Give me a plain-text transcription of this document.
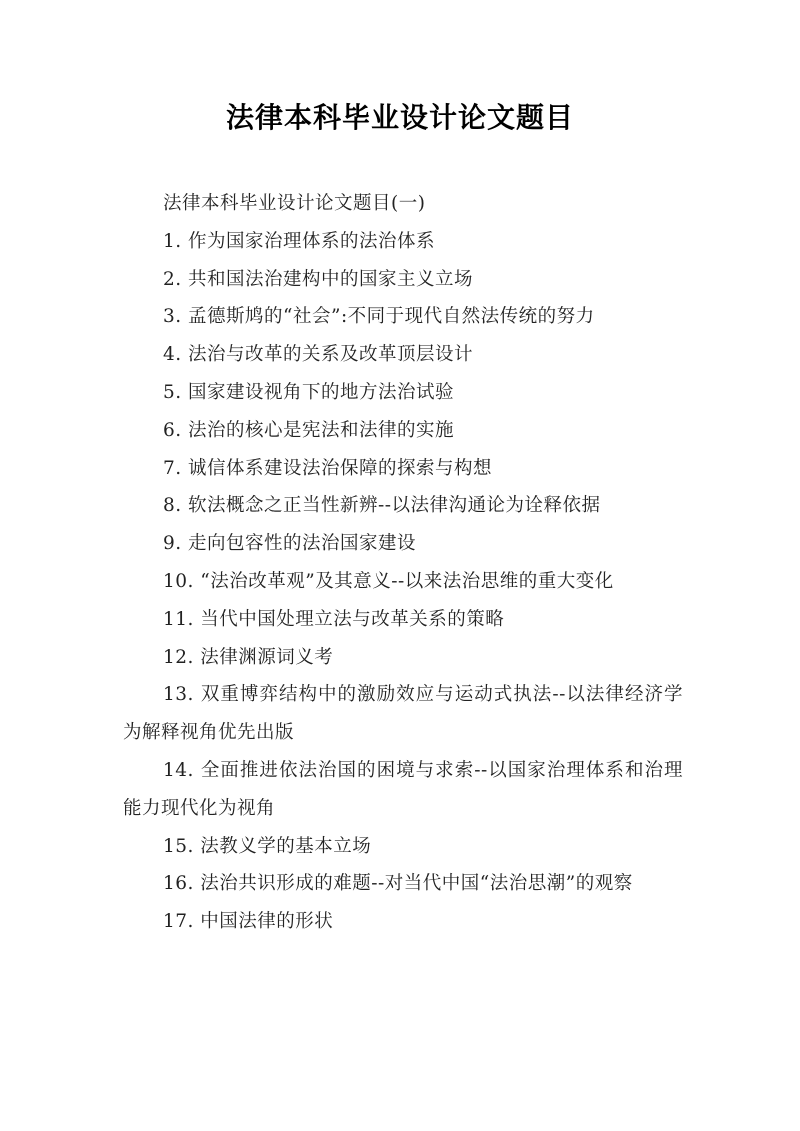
法律本科毕业设计论文题目

法律本科毕业设计论文题目(一)

1. 作为国家治理体系的法治体系

2. 共和国法治建构中的国家主义立场

3. 孟德斯鸠的“社会”:不同于现代自然法传统的努力

4. 法治与改革的关系及改革顶层设计

5. 国家建设视角下的地方法治试验

6. 法治的核心是宪法和法律的实施

7. 诚信体系建设法治保障的探索与构想

8. 软法概念之正当性新辨--以法律沟通论为诠释依据

9. 走向包容性的法治国家建设

10. “法治改革观”及其意义--以来法治思维的重大变化

11. 当代中国处理立法与改革关系的策略

12. 法律渊源词义考

13. 双重博弈结构中的激励效应与运动式执法--以法律经济学为解释视角优先出版

14. 全面推进依法治国的困境与求索--以国家治理体系和治理能力现代化为视角

15. 法教义学的基本立场

16. 法治共识形成的难题--对当代中国“法治思潮”的观察

17. 中国法律的形状
